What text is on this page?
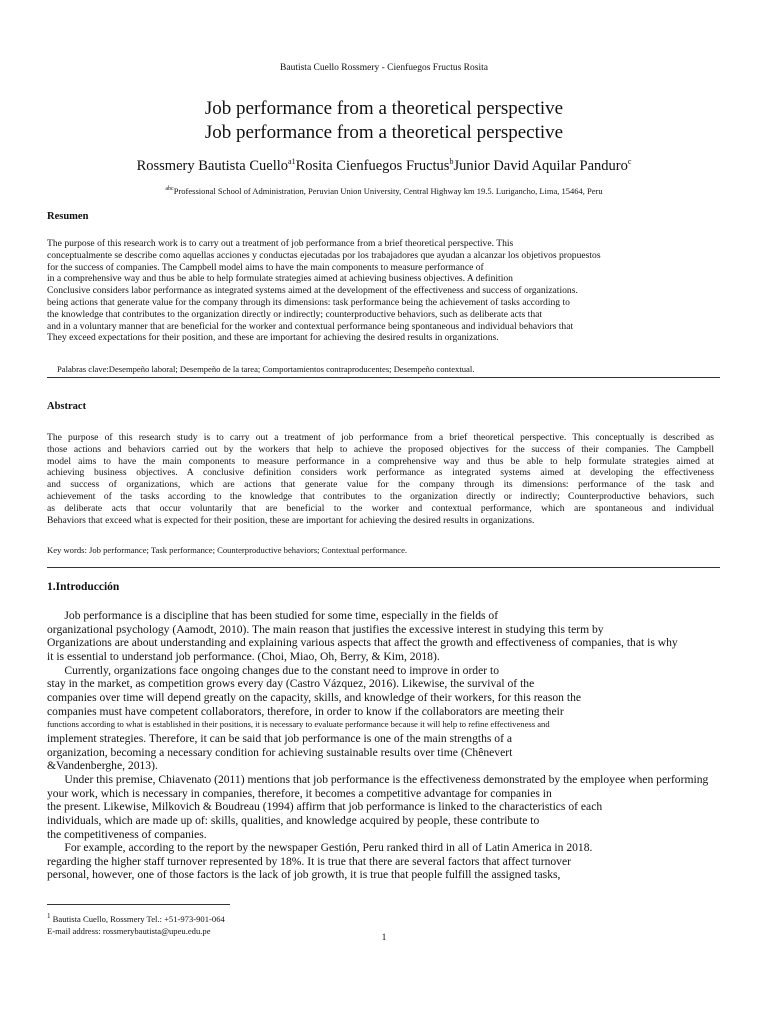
Bautista Cuello Rossmery - Cienfuegos Fructus Rosita
Job performance from a theoretical perspective
Job performance from a theoretical perspective
Rossmery Bautista Cuello$^{a1}$Rosita Cienfuegos Fructus$^b$Junior David Aquilar Panduro$^c$
$^{abc}$Professional School of Administration, Peruvian Union University, Central Highway km 19.5. Lurigancho, Lima, 15464, Peru
Resumen
The purpose of this research work is to carry out a treatment of job performance from a brief theoretical perspective. This
conceptualmente se describe como aquellas acciones y conductas ejecutadas por los trabajadores que ayudan a alcanzar los objetivos propuestos
for the success of companies. The Campbell model aims to have the main components to measure performance of
in a comprehensive way and thus be able to help formulate strategies aimed at achieving business objectives. A definition
Conclusive considers labor performance as integrated systems aimed at the development of the effectiveness and success of organizations.
being actions that generate value for the company through its dimensions: task performance being the achievement of tasks according to
the knowledge that contributes to the organization directly or indirectly; counterproductive behaviors, such as deliberate acts that
and in a voluntary manner that are beneficial for the worker and contextual performance being spontaneous and individual behaviors that
They exceed expectations for their position, and these are important for achieving the desired results in organizations.
Palabras clave:Desempeño laboral; Desempeño de la tarea; Comportamientos contraproducentes; Desempeño contextual.
Abstract
The purpose of this research study is to carry out a treatment of job performance from a brief theoretical perspective. This conceptually is described as
those actions and behaviors carried out by the workers that help to achieve the proposed objectives for the success of their companies. The Campbell
model aims to have the main components to measure performance in a comprehensive way and thus be able to help formulate strategies aimed at
achieving business objectives. A conclusive definition considers work performance as integrated systems aimed at developing the effectiveness
and success of organizations, which are actions that generate value for the company through its dimensions: performance of the task and
achievement of the tasks according to the knowledge that contributes to the organization directly or indirectly; Counterproductive behaviors, such
as deliberate acts that occur voluntarily that are beneficial to the worker and contextual performance, which are spontaneous and individual
Behaviors that exceed what is expected for their position, these are important for achieving the desired results in organizations.
Key words: Job performance; Task performance; Counterproductive behaviors; Contextual performance.
1.Introducción
Job performance is a discipline that has been studied for some time, especially in the fields of
organizational psychology (Aamodt, 2010). The main reason that justifies the excessive interest in studying this term by
Organizations are about understanding and explaining various aspects that affect the growth and effectiveness of companies, that is why
it is essential to understand job performance. (Choi, Miao, Oh, Berry, & Kim, 2018).
Currently, organizations face ongoing changes due to the constant need to improve in order to
stay in the market, as competition grows every day (Castro Vázquez, 2016). Likewise, the survival of the
companies over time will depend greatly on the capacity, skills, and knowledge of their workers, for this reason the
companies must have competent collaborators, therefore, in order to know if the collaborators are meeting their
functions according to what is established in their positions, it is necessary to evaluate performance because it will help to refine effectiveness and
implement strategies. Therefore, it can be said that job performance is one of the main strengths of a
organization, becoming a necessary condition for achieving sustainable results over time (Chênevert
&Vandenberghe, 2013).
Under this premise, Chiavenato (2011) mentions that job performance is the effectiveness demonstrated by the employee when performing
your work, which is necessary in companies, therefore, it becomes a competitive advantage for companies in
the present. Likewise, Milkovich & Boudreau (1994) affirm that job performance is linked to the characteristics of each
individuals, which are made up of: skills, qualities, and knowledge acquired by people, these contribute to
the competitiveness of companies.
For example, according to the report by the newspaper Gestión, Peru ranked third in all of Latin America in 2018.
regarding the higher staff turnover represented by 18%. It is true that there are several factors that affect turnover
personal, however, one of those factors is the lack of job growth, it is true that people fulfill the assigned tasks,
$^1$ Bautista Cuello, Rossmery Tel.: +51-973-901-064
E-mail address: rossmerybautista@upeu.edu.pe
1
